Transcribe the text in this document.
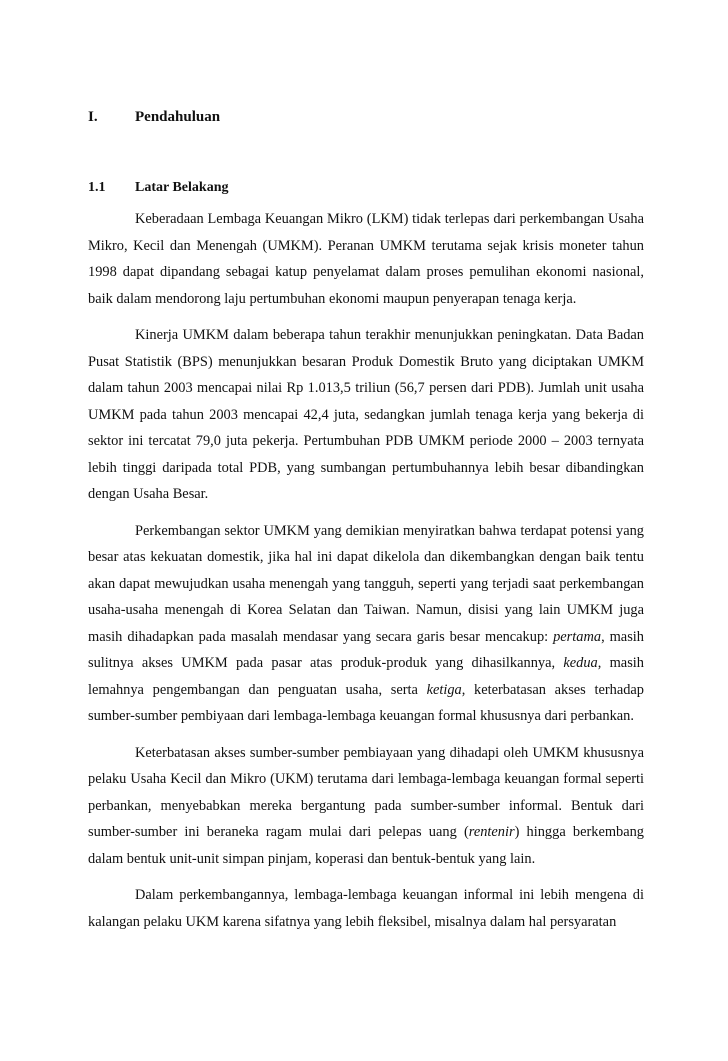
I. Pendahuluan
1.1 Latar Belakang

Keberadaan Lembaga Keuangan Mikro (LKM) tidak terlepas dari perkembangan Usaha Mikro, Kecil dan Menengah (UMKM). Peranan UMKM terutama sejak krisis moneter tahun 1998 dapat dipandang sebagai katup penyelamat dalam proses pemulihan ekonomi nasional, baik dalam mendorong laju pertumbuhan ekonomi maupun penyerapan tenaga kerja.

Kinerja UMKM dalam beberapa tahun terakhir menunjukkan peningkatan. Data Badan Pusat Statistik (BPS) menunjukkan besaran Produk Domestik Bruto yang diciptakan UMKM dalam tahun 2003 mencapai nilai Rp 1.013,5 triliun (56,7 persen dari PDB). Jumlah unit usaha UMKM pada tahun 2003 mencapai 42,4 juta, sedangkan jumlah tenaga kerja yang bekerja di sektor ini tercatat 79,0 juta pekerja. Pertumbuhan PDB UMKM periode 2000 – 2003 ternyata lebih tinggi daripada total PDB, yang sumbangan pertumbuhannya lebih besar dibandingkan dengan Usaha Besar.

Perkembangan sektor UMKM yang demikian menyiratkan bahwa terdapat potensi yang besar atas kekuatan domestik, jika hal ini dapat dikelola dan dikembangkan dengan baik tentu akan dapat mewujudkan usaha menengah yang tangguh, seperti yang terjadi saat perkembangan usaha-usaha menengah di Korea Selatan dan Taiwan. Namun, disisi yang lain UMKM juga masih dihadapkan pada masalah mendasar yang secara garis besar mencakup: pertama, masih sulitnya akses UMKM pada pasar atas produk-produk yang dihasilkannya, kedua, masih lemahnya pengembangan dan penguatan usaha, serta ketiga, keterbatasan akses terhadap sumber-sumber pembiyaan dari lembaga-lembaga keuangan formal khususnya dari perbankan.

Keterbatasan akses sumber-sumber pembiayaan yang dihadapi oleh UMKM khususnya pelaku Usaha Kecil dan Mikro (UKM) terutama dari lembaga-lembaga keuangan formal seperti perbankan, menyebabkan mereka bergantung pada sumber-sumber informal. Bentuk dari sumber-sumber ini beraneka ragam mulai dari pelepas uang (rentenir) hingga berkembang dalam bentuk unit-unit simpan pinjam, koperasi dan bentuk-bentuk yang lain.

Dalam perkembangannya, lembaga-lembaga keuangan informal ini lebih mengena di kalangan pelaku UKM karena sifatnya yang lebih fleksibel, misalnya dalam hal persyaratan
